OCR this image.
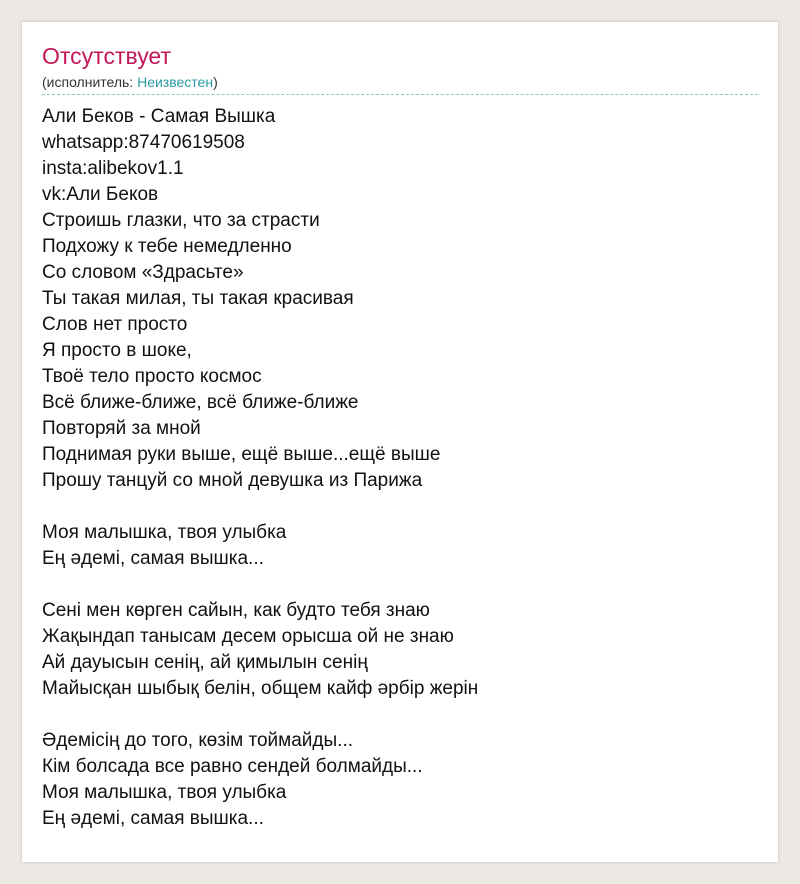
Отсутствует
(исполнитель: Неизвестен)
Али Беков - Самая Вышка
whatsapp:87470619508
insta:alibekov1.1
vk:Али Беков
Строишь глазки, что за страсти
Подхожу к тебе немедленно
Со словом «Здрасьте»
Ты такая милая, ты такая красивая
Слов нет просто
Я просто в шоке,
Твоё тело просто космос
Всё ближе-ближе, всё ближе-ближе
Повторяй за мной
Поднимая руки выше, ещё выше...ещё выше
Прошу танцуй со мной девушка из Парижа
Моя малышка, твоя улыбка
Ең әдемі, самая вышка...
Сені мен көрген сайын, как будто тебя знаю
Жақындап танысам десем орысша ой не знаю
Ай дауысын сенің, ай қимылын сенің
Майысқан шыбық белін, общем кайф әрбір жерін
Әдемісің до того, көзім тоймайды...
Кім болсада все равно сендей болмайды...
Моя малышка, твоя улыбка
Ең әдемі, самая вышка...
